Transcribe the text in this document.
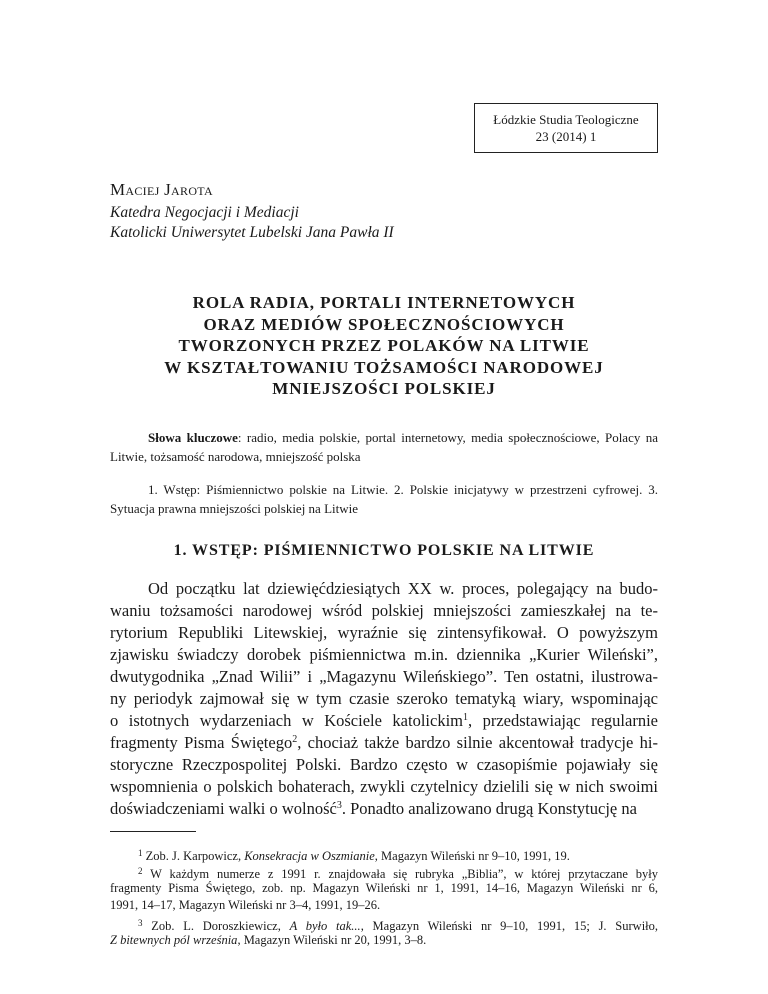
Łódzkie Studia Teologiczne
23 (2014) 1
Maciej Jarota
Katedra Negocjacji i Mediacji
Katolicki Uniwersytet Lubelski Jana Pawła II
ROLA RADIA, PORTALI INTERNETOWYCH
ORAZ MEDIÓW SPOŁECZNOŚCIOWYCH
TWORZONYCH PRZEZ POLAKÓW NA LITWIE
W KSZTAŁTOWANIU TOŻSAMOŚCI NARODOWEJ
MNIEJSZOŚCI POLSKIEJ
Słowa kluczowe: radio, media polskie, portal internetowy, media społecznościowe, Polacy na Litwie, tożsamość narodowa, mniejszość polska
1. Wstęp: Piśmiennictwo polskie na Litwie. 2. Polskie inicjatywy w przestrzeni cyfrowej. 3. Sytuacja prawna mniejszości polskiej na Litwie
1. WSTĘP: PIŚMIENNICTWO POLSKIE NA LITWIE
Od początku lat dziewięćdziesiątych XX w. proces, polegający na budo-
waniu tożsamości narodowej wśród polskiej mniejszości zamieszkałej na te-
rytorium Republiki Litewskiej, wyraźnie się zintensyfikował. O powyższym
zjawisku świadczy dorobek piśmiennictwa m.in. dziennika „Kurier Wileński”,
dwutygodnika „Znad Wilii” i „Magazynu Wileńskiego”. Ten ostatni, ilustrowa-
ny periodyk zajmował się w tym czasie szeroko tematyką wiary, wspominając
o istotnych wydarzeniach w Kościele katolickim$^1$, przedstawiając regularnie
fragmenty Pisma Świętego$^2$, chociaż także bardzo silnie akcentował tradycje hi-
storyczne Rzeczpospolitej Polski. Bardzo często w czasopiśmie pojawiały się
wspomnienia o polskich bohaterach, zwykli czytelnicy dzielili się w nich swoimi
doświadczeniami walki o wolność$^3$. Ponadto analizowano drugą Konstytucję na
$^1$ Zob. J. Karpowicz, Konsekracja w Oszmianie, Magazyn Wileński nr 9–10, 1991, 19.
$^2$ W każdym numerze z 1991 r. znajdowała się rubryka „Biblia”, w której przytaczane były
fragmenty Pisma Świętego, zob. np. Magazyn Wileński nr 1, 1991, 14–16, Magazyn Wileński nr 6,
1991, 14–17, Magazyn Wileński nr 3–4, 1991, 19–26.
$^3$ Zob. L. Doroszkiewicz, A było tak..., Magazyn Wileński nr 9–10, 1991, 15; J. Surwiło,
Z bitewnych pól września, Magazyn Wileński nr 20, 1991, 3–8.
